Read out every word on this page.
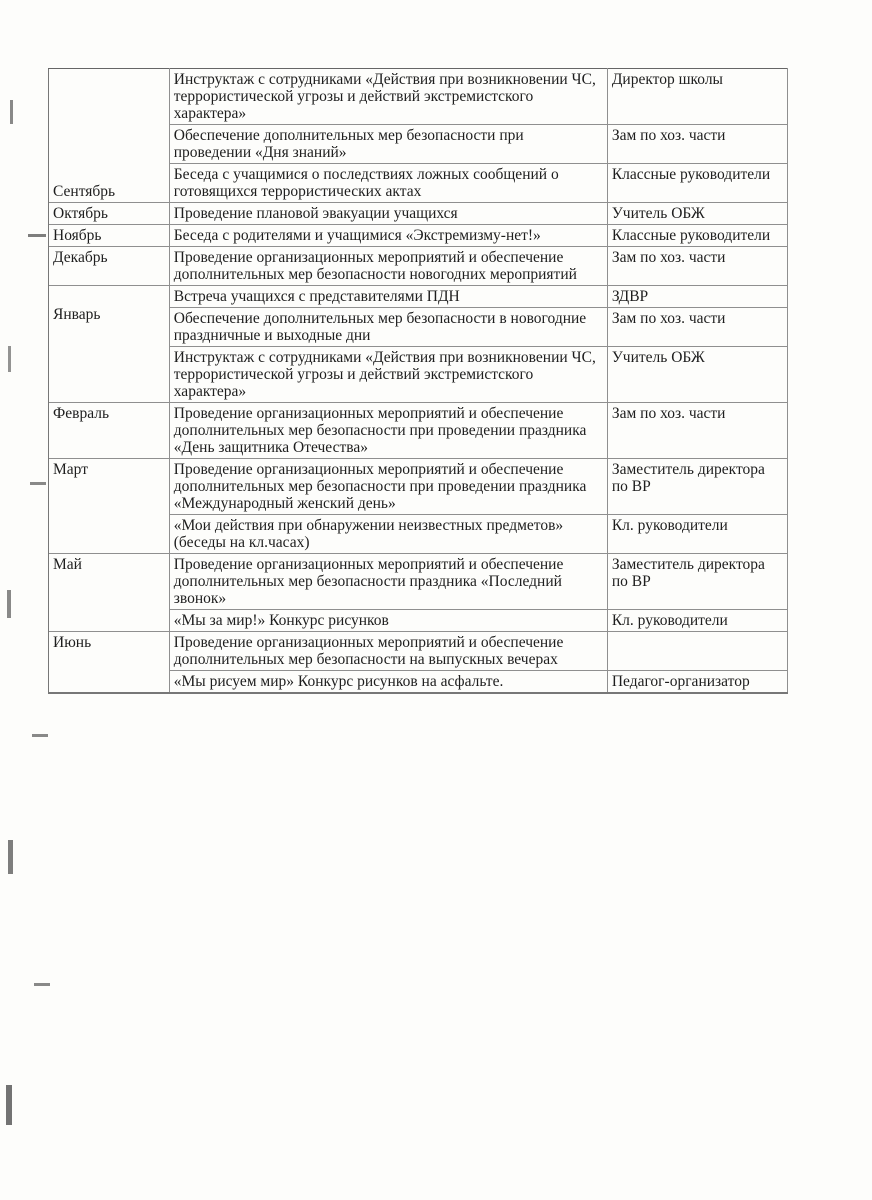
Сентябрь	Инструктаж с сотрудниками «Действия при возникновении ЧС, террористической угрозы и действий экстремистского характера»	Директор школы
	Обеспечение дополнительных мер безопасности при проведении «Дня знаний»	Зам по хоз. части
	Беседа с учащимися о последствиях ложных сообщений о готовящихся террористических актах	Классные руководители
Октябрь	Проведение плановой эвакуации учащихся	Учитель ОБЖ
Ноябрь	Беседа с родителями и учащимися «Экстремизму-нет!»	Классные руководители
Декабрь	Проведение организационных мероприятий и обеспечение дополнительных мер безопасности новогодних мероприятий	Зам по хоз. части

Январь	Встреча учащихся с представителями ПДН	ЗДВР
	Обеспечение дополнительных мер безопасности в новогодние праздничные и выходные дни	Зам по хоз. части
	Инструктаж с сотрудниками «Действия при возникновении ЧС, террористической угрозы и действий экстремистского характера»	Учитель ОБЖ
Февраль	Проведение организационных мероприятий и обеспечение дополнительных мер безопасности при проведении праздника «День защитника Отечества»	Зам по хоз. части

Март	Проведение организационных мероприятий и обеспечение дополнительных мер безопасности при проведении праздника «Международный женский день»	Заместитель директора по ВР
	«Мои действия при обнаружении неизвестных предметов» (беседы на кл.часах)	Кл. руководители

Май	Проведение организационных мероприятий и обеспечение дополнительных мер безопасности праздника «Последний звонок»	Заместитель директора по ВР
	«Мы за мир!» Конкурс рисунков	Кл. руководители

Июнь	Проведение организационных мероприятий и обеспечение дополнительных мер безопасности на выпускных вечерах	
	«Мы рисуем мир» Конкурс рисунков на асфальте.	Педагог-организатор
